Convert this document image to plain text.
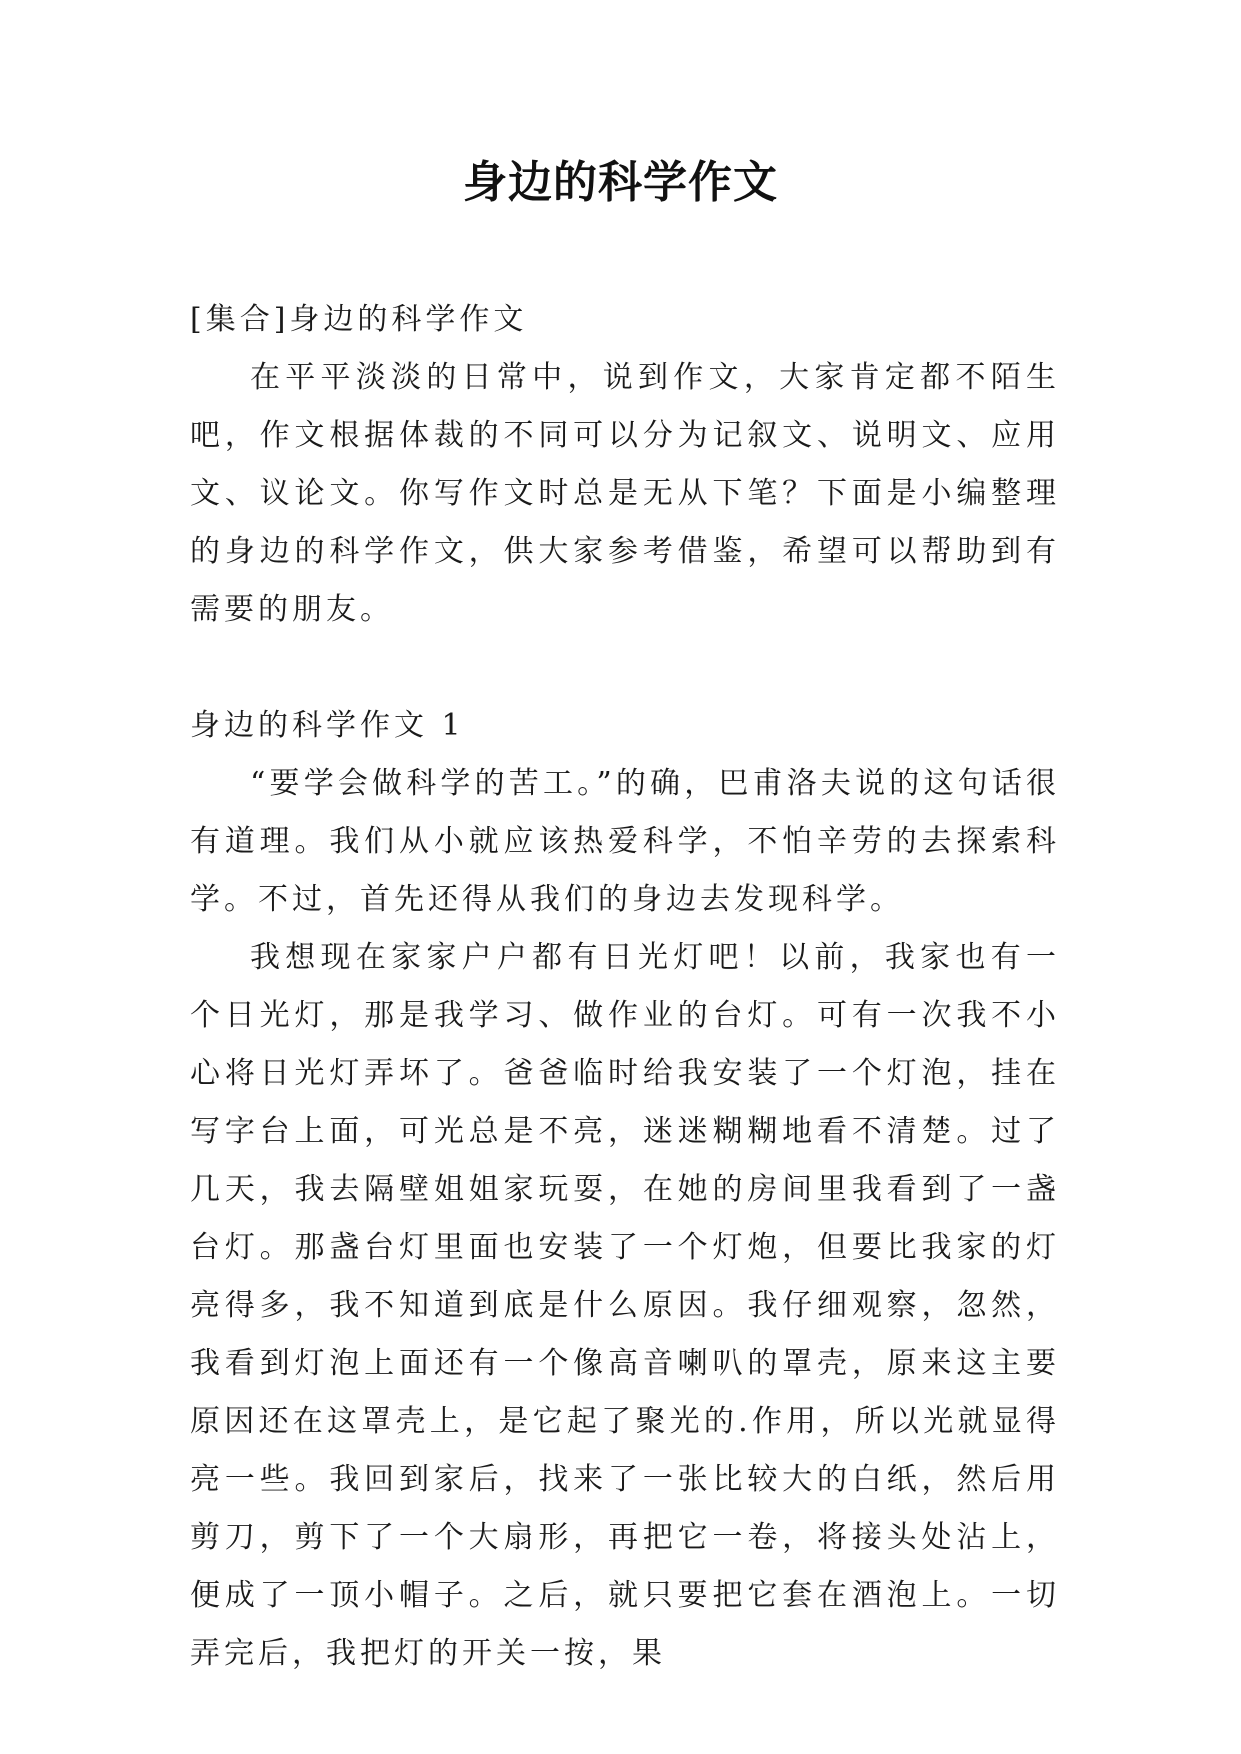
身边的科学作文

[集合]身边的科学作文

在平平淡淡的日常中，说到作文，大家肯定都不陌生吧，作文根据体裁的不同可以分为记叙文、说明文、应用文、议论文。你写作文时总是无从下笔？下面是小编整理的身边的科学作文，供大家参考借鉴，希望可以帮助到有需要的朋友。

身边的科学作文 1

“要学会做科学的苦工。”的确，巴甫洛夫说的这句话很有道理。我们从小就应该热爱科学，不怕辛劳的去探索科学。不过，首先还得从我们的身边去发现科学。

我想现在家家户户都有日光灯吧！以前，我家也有一个日光灯，那是我学习、做作业的台灯。可有一次我不小心将日光灯弄坏了。爸爸临时给我安装了一个灯泡，挂在写字台上面，可光总是不亮，迷迷糊糊地看不清楚。过了几天，我去隔壁姐姐家玩耍，在她的房间里我看到了一盏台灯。那盏台灯里面也安装了一个灯炮，但要比我家的灯亮得多，我不知道到底是什么原因。我仔细观察，忽然，我看到灯泡上面还有一个像高音喇叭的罩壳，原来这主要原因还在这罩壳上，是它起了聚光的.作用，所以光就显得亮一些。我回到家后，找来了一张比较大的白纸，然后用剪刀，剪下了一个大扇形，再把它一卷，将接头处沾上，便成了一顶小帽子。之后，就只要把它套在酒泡上。一切弄完后，我把灯的开关一按，果
